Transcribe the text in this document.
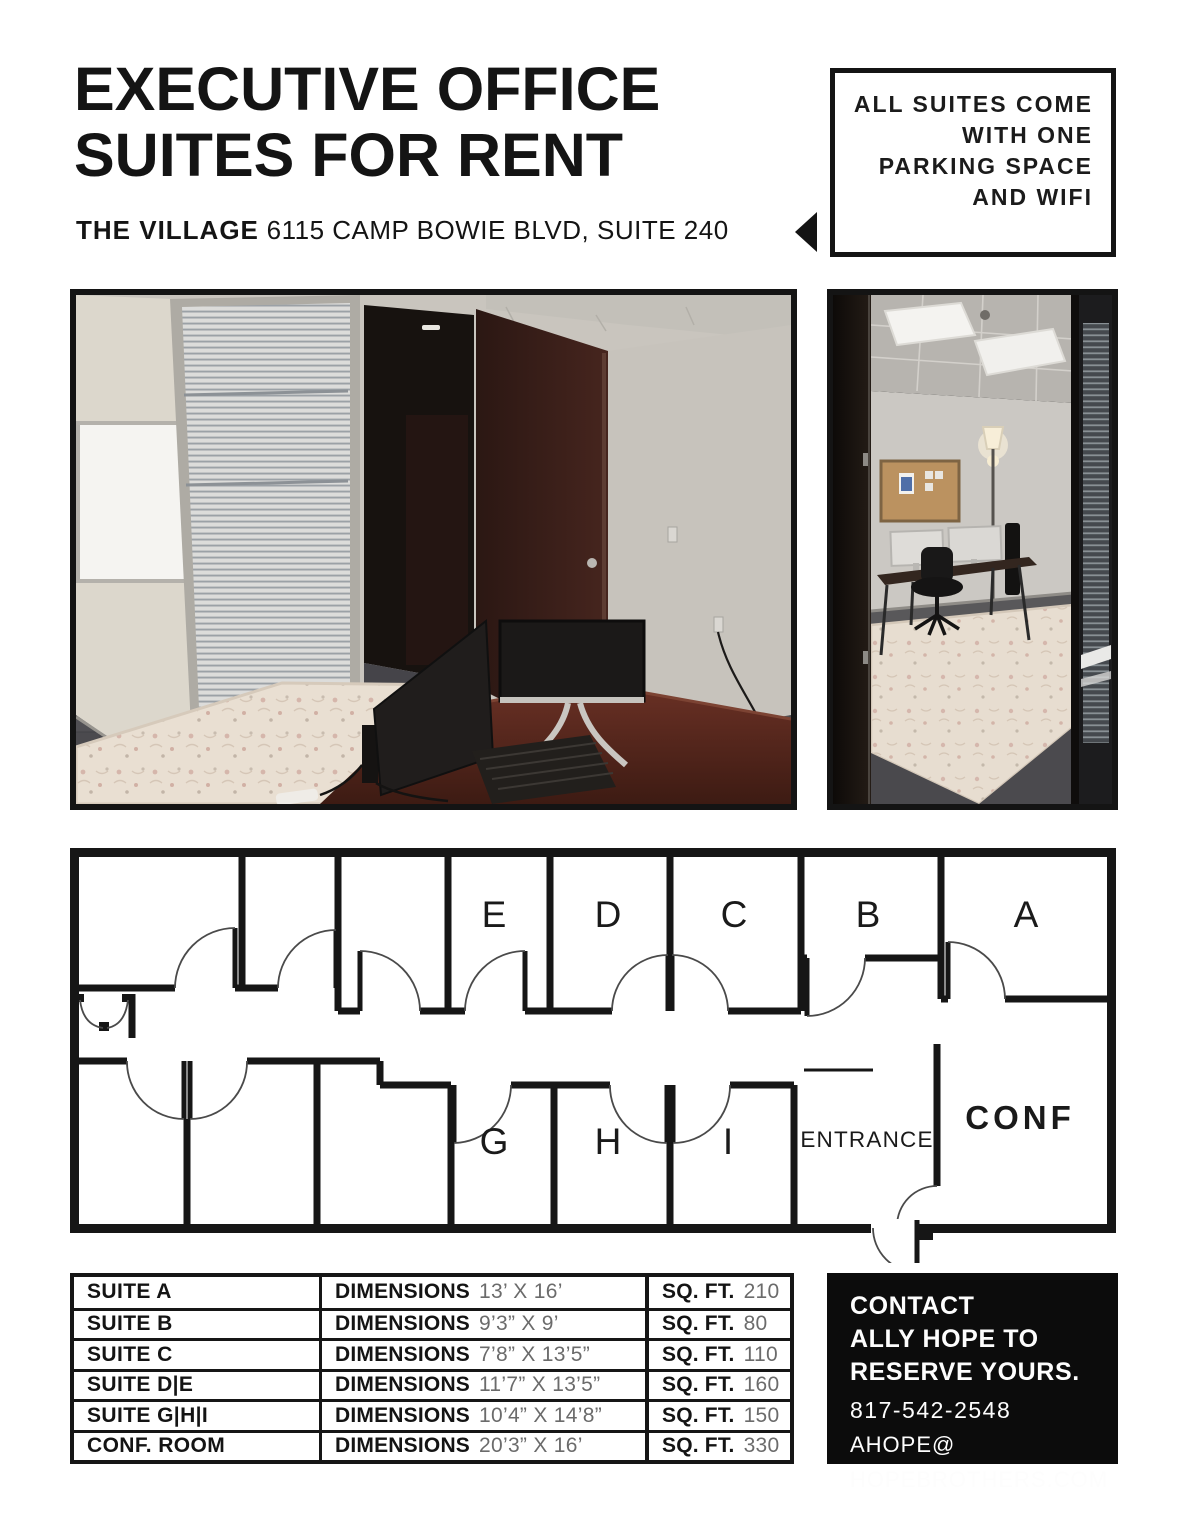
EXECUTIVE OFFICE
SUITES FOR RENT
THE VILLAGE 6115 CAMP BOWIE BLVD, SUITE 240
ALL SUITES COME
WITH ONE
PARKING SPACE
AND WIFI
E D	C	B	A
G H	I	ENTRANCE
CONF
SUITE A	DIMENSIONS 13’ X 16’	SQ. FT. 210
SUITE B	DIMENSIONS 9’3” X 9’	SQ. FT. 80
SUITE C	DIMENSIONS 7’8” X 13’5”	SQ. FT. 110
SUITE D|E	DIMENSIONS 11’7” X 13’5”	SQ. FT. 160
SUITE G|H|I	DIMENSIONS 10’4” X 14’8”	SQ. FT. 150
CONF. ROOM	DIMENSIONS 20’3” X 16’	SQ. FT. 330
CONTACT
ALLY HOPE TO
RESERVE YOURS.
817-542-2548
AHOPE@
HOPEBROTHERS.COM
